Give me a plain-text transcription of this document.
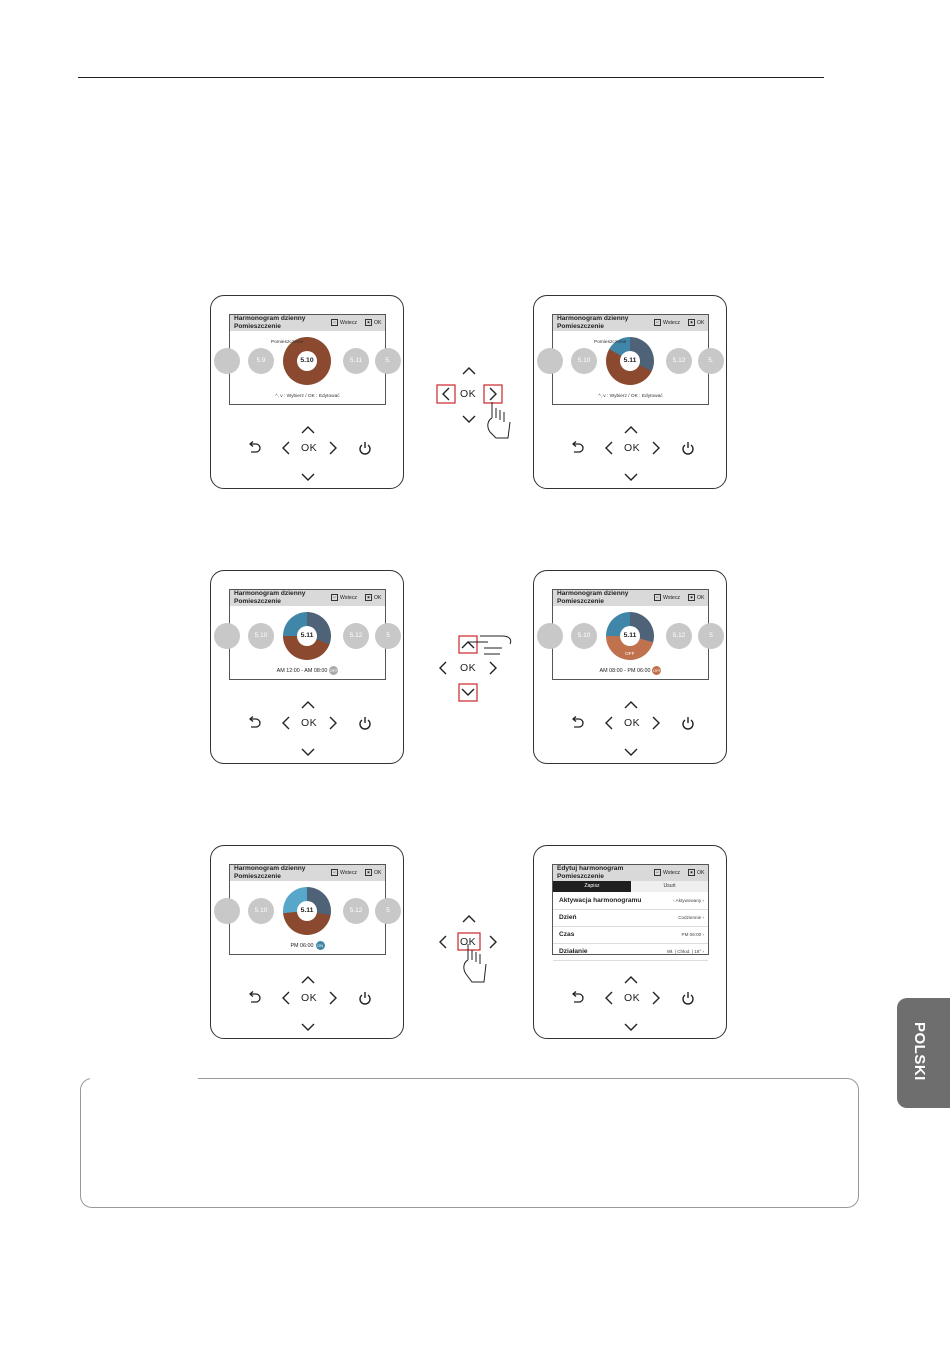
Harmonogram dzienny
Pomieszczenie
↩ Wstecz	▣ OK
5.9	5.10
Pomieszczenie
5.11	5.
^, v : Wybierz / OK : Edytować
OK
OK
Harmonogram dzienny
Pomieszczenie
↩ Wstecz	▣ OK
5.10	5.11
Pomieszczenie
5.12	5.
^, v : Wybierz / OK : Edytować
OK
Harmonogram dzienny
Pomieszczenie
↩ Wstecz	▣ OK
5.10	5.11	5.12	5
AM 12:00 - AM 08:00 OFF
OK
OK
Harmonogram dzienny
Pomieszczenie
↩ Wstecz	▣ OK
5.10	5.11
OFF
5.12	5
AM 08:00 - PM 06:00 OFF
OK
Harmonogram dzienny
Pomieszczenie
↩ Wstecz	▣ OK
5.10	5.11	5.12	5
PM 06:00 ON
OK
OK
Edytuj harmonogram
Pomieszczenie
↩ Wstecz	▣ OK
Zapisz	Usuń
Aktywacja harmonogramu	‹ Aktywowany ›
Dzień	Codziennie ›
Czas	PM 06:00 ›
Działanie	Wł. | Chłod. | 18° ›
OK
POLSKI
